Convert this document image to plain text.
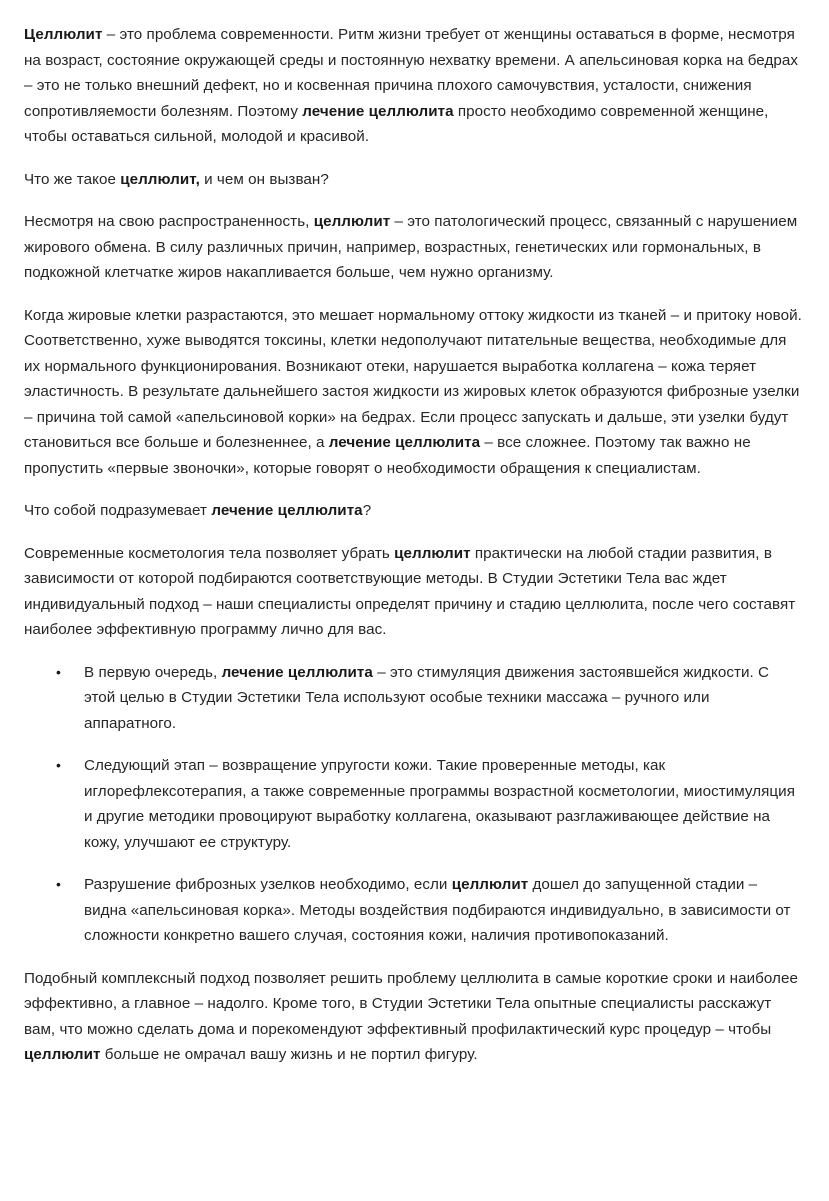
Целлюлит – это проблема современности. Ритм жизни требует от женщины оставаться в форме, несмотря на возраст, состояние окружающей среды и постоянную нехватку времени. А апельсиновая корка на бедрах – это не только внешний дефект, но и косвенная причина плохого самочувствия, усталости, снижения сопротивляемости болезням. Поэтому лечение целлюлита просто необходимо современной женщине, чтобы оставаться сильной, молодой и красивой.

Что же такое целлюлит, и чем он вызван?

Несмотря на свою распространенность, целлюлит – это патологический процесс, связанный с нарушением жирового обмена. В силу различных причин, например, возрастных, генетических или гормональных, в подкожной клетчатке жиров накапливается больше, чем нужно организму.

Когда жировые клетки разрастаются, это мешает нормальному оттоку жидкости из тканей – и притоку новой. Соответственно, хуже выводятся токсины, клетки недополучают питательные вещества, необходимые для их нормального функционирования. Возникают отеки, нарушается выработка коллагена – кожа теряет эластичность. В результате дальнейшего застоя жидкости из жировых клеток образуются фиброзные узелки – причина той самой «апельсиновой корки» на бедрах. Если процесс запускать и дальше, эти узелки будут становиться все больше и болезненнее, а лечение целлюлита – все сложнее. Поэтому так важно не пропустить «первые звоночки», которые говорят о необходимости обращения к специалистам.

Что собой подразумевает лечение целлюлита?

Современные косметология тела позволяет убрать целлюлит практически на любой стадии развития, в зависимости от которой подбираются соответствующие методы. В Студии Эстетики Тела вас ждет индивидуальный подход – наши специалисты определят причину и стадию целлюлита, после чего составят наиболее эффективную программу лично для вас.

• В первую очередь, лечение целлюлита – это стимуляция движения застоявшейся жидкости. С этой целью в Студии Эстетики Тела используют особые техники массажа – ручного или аппаратного.
• Следующий этап – возвращение упругости кожи. Такие проверенные методы, как иглорефлексотерапия, а также современные программы возрастной косметологии, миостимуляция и другие методики провоцируют выработку коллагена, оказывают разглаживающее действие на кожу, улучшают ее структуру.
• Разрушение фиброзных узелков необходимо, если целлюлит дошел до запущенной стадии – видна «апельсиновая корка». Методы воздействия подбираются индивидуально, в зависимости от сложности конкретно вашего случая, состояния кожи, наличия противопоказаний.

Подобный комплексный подход позволяет решить проблему целлюлита в самые короткие сроки и наиболее эффективно, а главное – надолго. Кроме того, в Студии Эстетики Тела опытные специалисты расскажут вам, что можно сделать дома и порекомендуют эффективный профилактический курс процедур – чтобы целлюлит больше не омрачал вашу жизнь и не портил фигуру.
